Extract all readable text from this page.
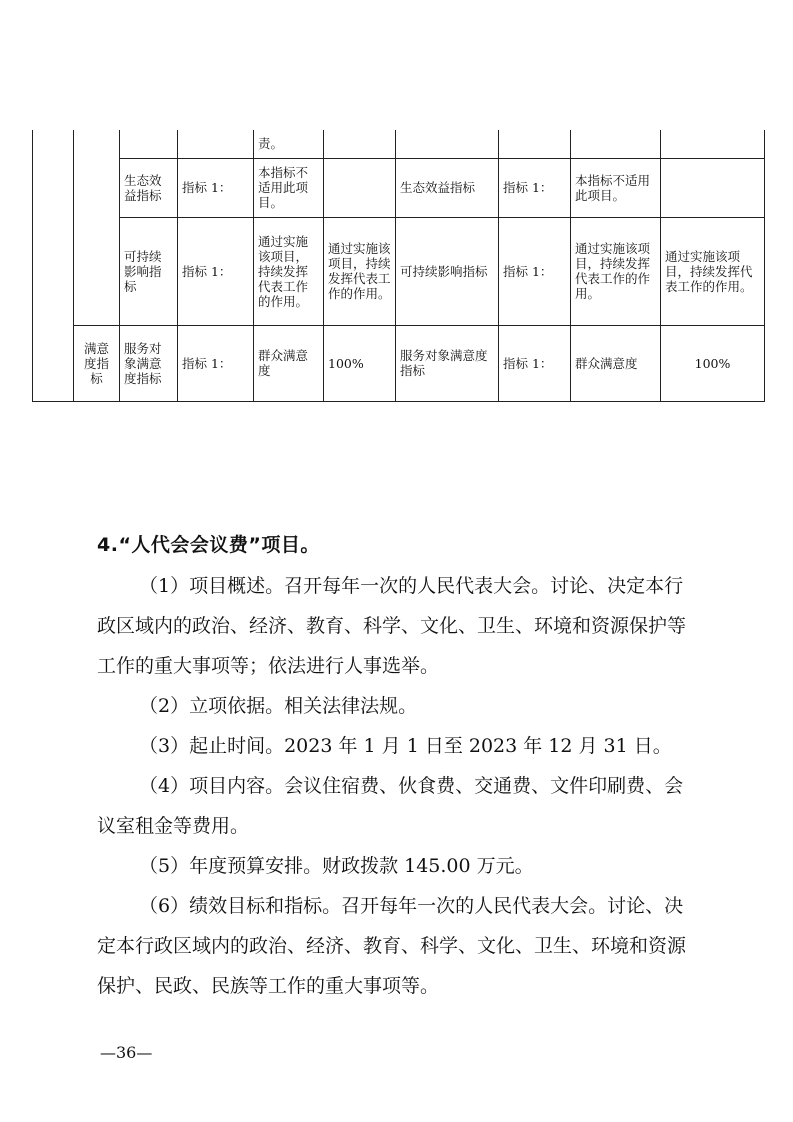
				责。					
		生态效益指标	指标 1：	本指标不适用此项目。		生态效益指标	指标 1：	本指标不适用此项目。	
		可持续影响指标	指标 1：	通过实施该项目，持续发挥代表工作的作用。	通过实施该项目，持续发挥代表工作的作用。	可持续影响指标	指标 1：	通过实施该项目，持续发挥代表工作的作用。	通过实施该项目，持续发挥代表工作的作用。
	满意度指标	服务对象满意度指标	指标 1：	群众满意度	100%	服务对象满意度指标	指标 1：	群众满意度	100%
4.“人代会会议费”项目。

（1）项目概述。召开每年一次的人民代表大会。讨论、决定本行政区域内的政治、经济、教育、科学、文化、卫生、环境和资源保护等工作的重大事项等；依法进行人事选举。

（2）立项依据。相关法律法规。

（3）起止时间。2023 年 1 月 1 日至 2023 年 12 月 31 日。

（4）项目内容。会议住宿费、伙食费、交通费、文件印刷费、会议室租金等费用。

（5）年度预算安排。财政拨款 145.00 万元。

（6）绩效目标和指标。召开每年一次的人民代表大会。讨论、决定本行政区域内的政治、经济、教育、科学、文化、卫生、环境和资源保护、民政、民族等工作的重大事项等。

—36—
